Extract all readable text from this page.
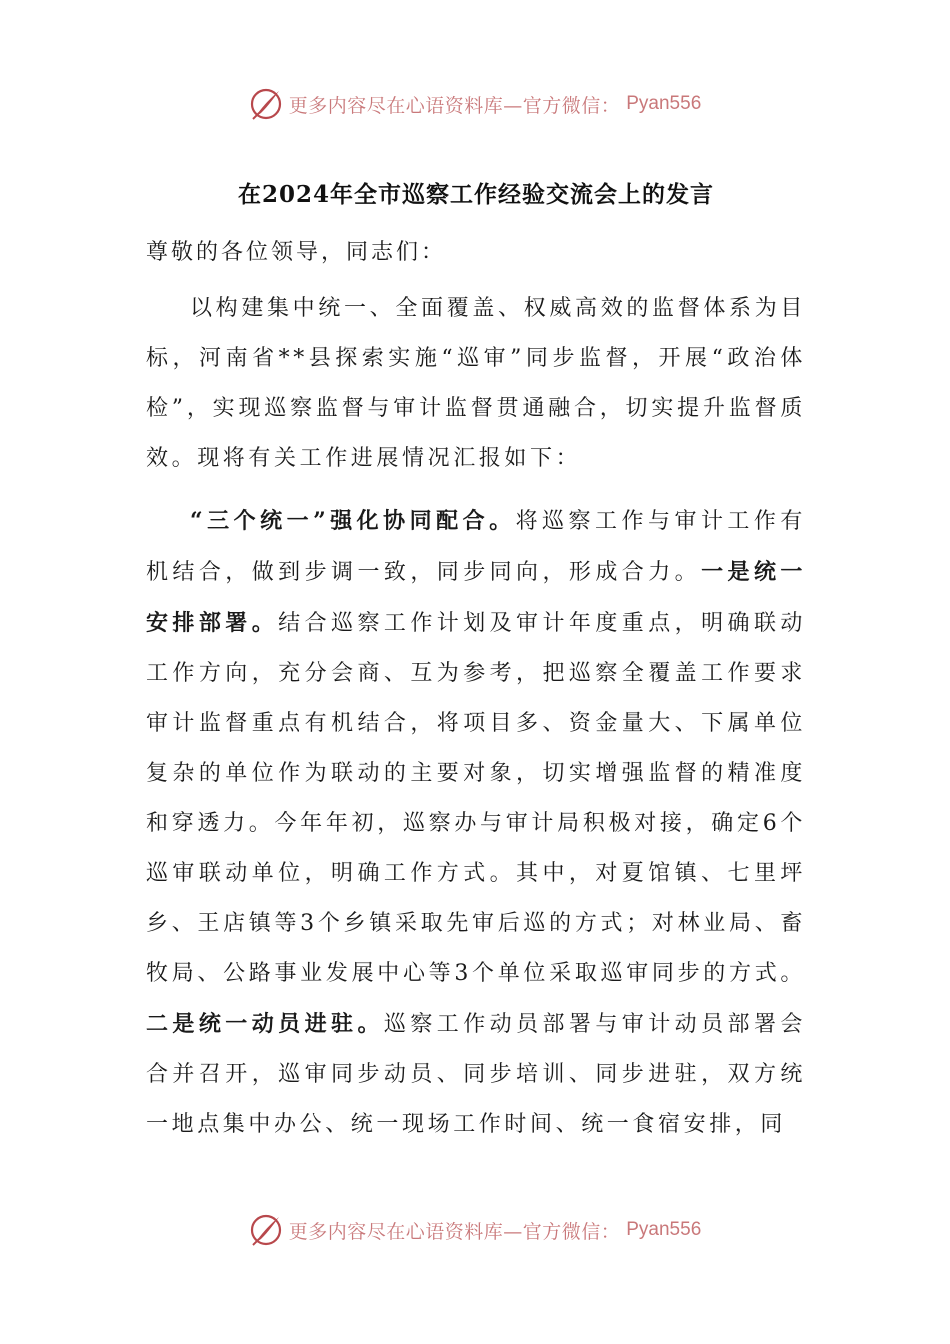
更多内容尽在心语资料库—官方微信： Pyan556
在2024年全市巡察工作经验交流会上的发言
尊敬的各位领导，同志们：

以构建集中统一、全面覆盖、权威高效的监督体系为目标，河南省**县探索实施“巡审”同步监督，开展“政治体检”，实现巡察监督与审计监督贯通融合，切实提升监督质效。现将有关工作进展情况汇报如下：

“三个统一”强化协同配合。将巡察工作与审计工作有机结合，做到步调一致，同步同向，形成合力。一是统一安排部署。结合巡察工作计划及审计年度重点，明确联动工作方向，充分会商、互为参考，把巡察全覆盖工作要求审计监督重点有机结合，将项目多、资金量大、下属单位复杂的单位作为联动的主要对象，切实增强监督的精准度和穿透力。今年年初，巡察办与审计局积极对接，确定6个巡审联动单位，明确工作方式。其中，对夏馆镇、七里坪乡、王店镇等3个乡镇采取先审后巡的方式；对林业局、畜牧局、公路事业发展中心等3个单位采取巡审同步的方式。二是统一动员进驻。巡察工作动员部署与审计动员部署会合并召开，巡审同步动员、同步培训、同步进驻，双方统一地点集中办公、统一现场工作时间、统一食宿安排，同

更多内容尽在心语资料库—官方微信： Pyan556
